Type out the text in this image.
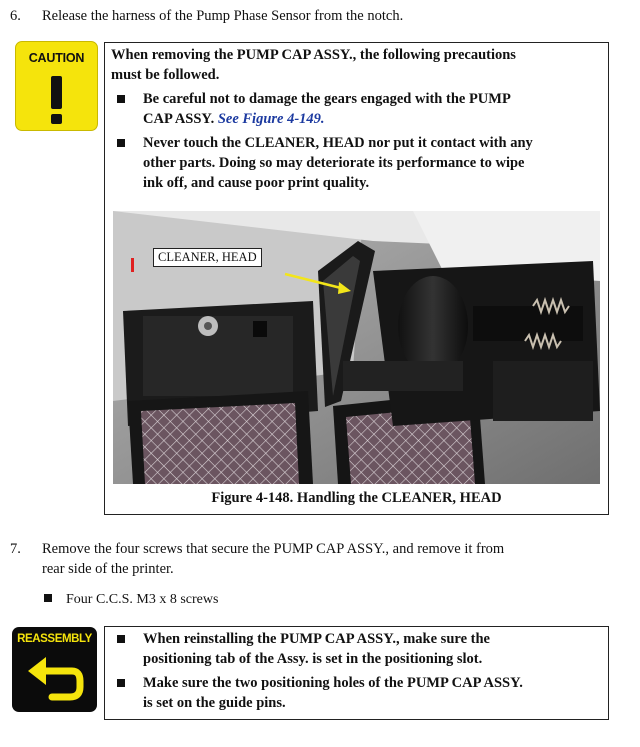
6. Release the harness of the Pump Phase Sensor from the notch.
CAUTION	When removing the PUMP CAP ASSY., the following precautions
must be followed.
Be careful not to damage the gears engaged with the PUMP
CAP ASSY. See Figure 4-149.
Never touch the CLEANER, HEAD nor put it contact with any
other parts. Doing so may deteriorate its performance to wipe
ink off, and cause poor print quality.
CLEANER, HEAD
Figure 4-148. Handling the CLEANER, HEAD
7. Remove the four screws that secure the PUMP CAP ASSY., and remove it from
rear side of the printer.
Four C.C.S. M3 x 8 screws
REASSEMBLY	When reinstalling the PUMP CAP ASSY., make sure the
positioning tab of the Assy. is set in the positioning slot.
Make sure the two positioning holes of the PUMP CAP ASSY.
is set on the guide pins.
